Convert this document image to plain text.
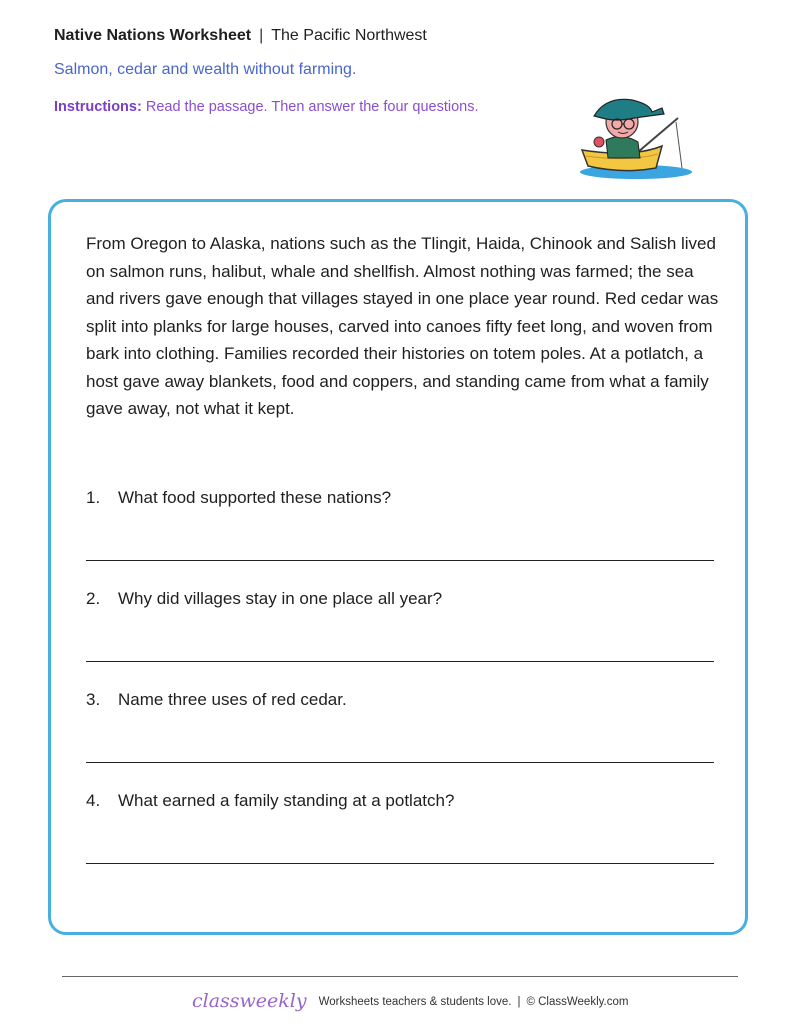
Native Nations Worksheet | The Pacific Northwest
Salmon, cedar and wealth without farming.
Instructions: Read the passage. Then answer the four questions.

From Oregon to Alaska, nations such as the Tlingit, Haida, Chinook and Salish lived on salmon runs, halibut, whale and shellfish. Almost nothing was farmed; the sea and rivers gave enough that villages stayed in one place year round. Red cedar was split into planks for large houses, carved into canoes fifty feet long, and woven from bark into clothing. Families recorded their histories on totem poles. At a potlatch, a host gave away blankets, food and coppers, and standing came from what a family gave away, not what it kept.

1. What food supported these nations?
2. Why did villages stay in one place all year?
3. Name three uses of red cedar.
4. What earned a family standing at a potlatch?
classweekly Worksheets teachers & students love. | © ClassWeekly.com
